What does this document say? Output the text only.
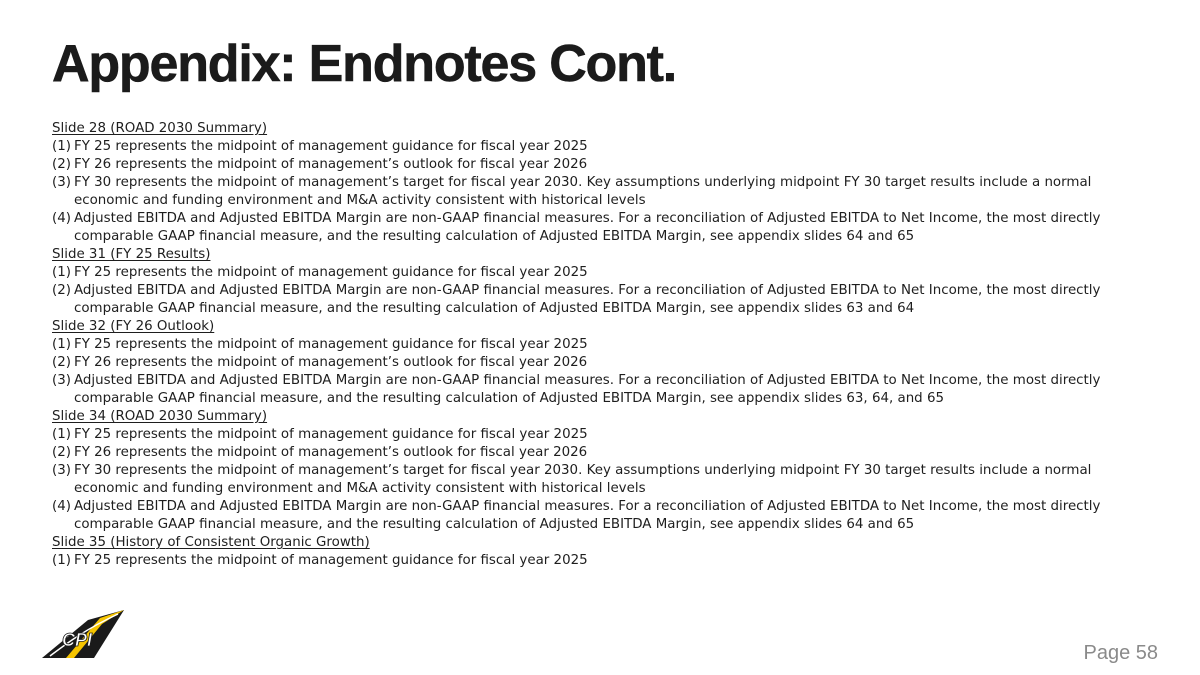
Appendix: Endnotes Cont.
Slide 28 (ROAD 2030 Summary)
(1) FY 25 represents the midpoint of management guidance for fiscal year 2025
(2) FY 26 represents the midpoint of management’s outlook for fiscal year 2026
(3) FY 30 represents the midpoint of management’s target for fiscal year 2030. Key assumptions underlying midpoint FY 30 target results include a normal economic and funding environment and M&A activity consistent with historical levels
(4) Adjusted EBITDA and Adjusted EBITDA Margin are non-GAAP financial measures. For a reconciliation of Adjusted EBITDA to Net Income, the most directly comparable GAAP financial measure, and the resulting calculation of Adjusted EBITDA Margin, see appendix slides 64 and 65
Slide 31 (FY 25 Results)
(1) FY 25 represents the midpoint of management guidance for fiscal year 2025
(2) Adjusted EBITDA and Adjusted EBITDA Margin are non-GAAP financial measures. For a reconciliation of Adjusted EBITDA to Net Income, the most directly comparable GAAP financial measure, and the resulting calculation of Adjusted EBITDA Margin, see appendix slides 63 and 64
Slide 32 (FY 26 Outlook)
(1) FY 25 represents the midpoint of management guidance for fiscal year 2025
(2) FY 26 represents the midpoint of management’s outlook for fiscal year 2026
(3) Adjusted EBITDA and Adjusted EBITDA Margin are non-GAAP financial measures. For a reconciliation of Adjusted EBITDA to Net Income, the most directly comparable GAAP financial measure, and the resulting calculation of Adjusted EBITDA Margin, see appendix slides 63, 64, and 65
Slide 34 (ROAD 2030 Summary)
(1) FY 25 represents the midpoint of management guidance for fiscal year 2025
(2) FY 26 represents the midpoint of management’s outlook for fiscal year 2026
(3) FY 30 represents the midpoint of management’s target for fiscal year 2030. Key assumptions underlying midpoint FY 30 target results include a normal economic and funding environment and M&A activity consistent with historical levels
(4) Adjusted EBITDA and Adjusted EBITDA Margin are non-GAAP financial measures. For a reconciliation of Adjusted EBITDA to Net Income, the most directly comparable GAAP financial measure, and the resulting calculation of Adjusted EBITDA Margin, see appendix slides 64 and 65
Slide 35 (History of Consistent Organic Growth)
(1) FY 25 represents the midpoint of management guidance for fiscal year 2025
CPI
Page 58
